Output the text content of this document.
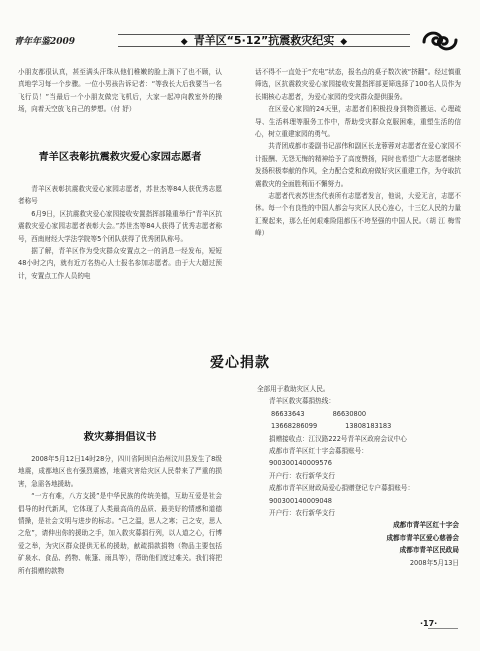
青年年鉴2009	◆ 青羊区“5·12”抗震救灾纪实 ◆

小朋友都很认真，甚至满头汗珠从他们稚嫩的脸上淌下了也不顾，认真地学习每一个步骤。一位小男孩告诉记者：“等我长大后我要当一名飞行员！”当最后一个小朋友做完飞机后，大家一起冲向教室外的操场，向着天空放飞自己的梦想。（付 妤）

青羊区表彰抗震救灾爱心家园志愿者

青羊区表彰抗震救灾爱心家园志愿者，苏世杰等84人获优秀志愿者称号

6月9日，区抗震救灾爱心家园接收安置指挥部隆重举行“青羊区抗震救灾爱心家园志愿者表彰大会。”苏世杰等84人获得了优秀志愿者称号，西南财经大学法学院等5个团队获得了优秀团队称号。

据了解，青羊区作为受灾群众安置点之一的消息一经发布，短短48小时之内，就有近万名热心人士报名参加志愿者。由于大大超过预计，安置点工作人员的电

话不得不一直处于“充电”状态，报名点的桌子数次被“挤翻”。经过慎重筛选，区抗震救灾爱心家园接收安置指挥部更筛选择了100名人员作为长期核心志愿者，为爱心家园的受灾群众提供服务。

在区爱心家园的24天里，志愿者们积极投身到物资搬运、心理疏导、生活料理等服务工作中，帮助受灾群众克服困难，重塑生活的信心，树立重建家园的勇气。

共青团成都市委副书记邵伟和副区长龙蓉蓉对志愿者在爱心家园不计报酬、无怨无悔的精神给予了高度赞扬，同时也希望广大志愿者继续发扬积极奉献的作风，全力配合党和政府做好灾区重建工作，为夺取抗震救灾的全面胜利而不懈努力。

志愿者代表苏世杰代表所有志愿者发言，他说，大爱无言，志愿不休。每一个有良性的中国人都会与灾区人民心连心，十三亿人民的力量汇聚起来，那么任何艰难险阻都压不垮坚强的中国人民。（胡 江 梅雪峰）

爱心捐款
救灾募捐倡议书

2008年5月12日14时28分，四川省阿坝自治州汶川县发生了8级地震，成都地区也有强烈震感，地震灾害给灾区人民带来了严重的损害，急需各地援助。

“一方有难，八方支援”是中华民族的传统美德，互助互爱是社会倡导的时代新风，它体现了人类最高尚的品质、最美好的情感和道德情操，是社会文明与进步的标志。“己之温，思人之寒；己之安，思人之危”，请伸出你的援助之手，加入救灾募捐行列，以人道之心，行博爱之举，为灾区群众提供无私的援助，献疏捐款捐物（物品主要包括矿泉水、食品、药物、帐篷、雨具等），帮助他们度过难关。我们将把所有捐赠的款物

全部用于救助灾区人民。
青羊区救灾募捐热线：
86633643	86630800
13668286099	13808183183
捐赠接收点：江汉路222号青羊区政府会议中心
成都市青羊区红十字会募捐账号：
900300140009576
开户行：农行新华支行
成都市青羊区财政局爱心捐赠登记专户募捐账号：
900300140009048
开户行：农行新华支行
成都市青羊区红十字会
成都市青羊区爱心慈善会
成都市青羊区民政局
2008年5月13日
·17·
